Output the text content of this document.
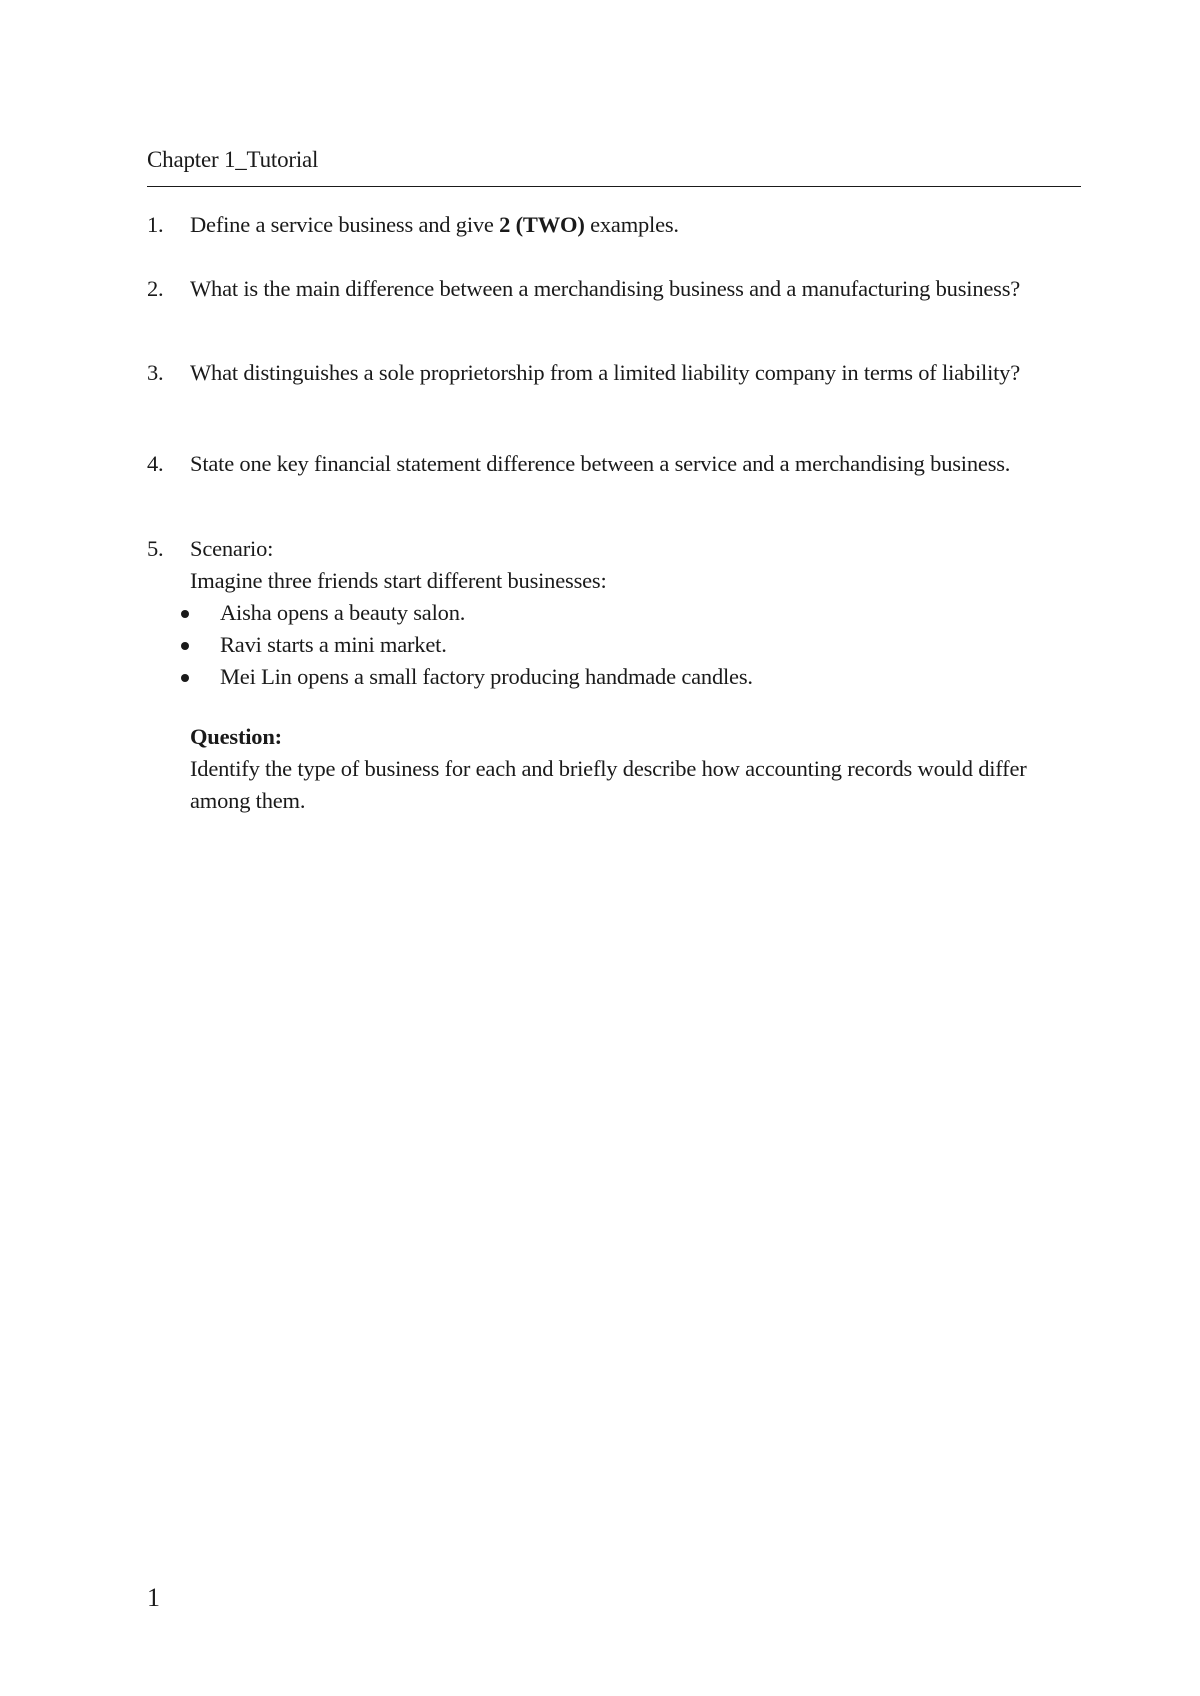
Chapter 1_Tutorial
1.	Define a service business and give 2 (TWO) examples.
2.	What is the main difference between a merchandising business and a manufacturing business?
3.	What distinguishes a sole proprietorship from a limited liability company in terms of liability?
4.	State one key financial statement difference between a service and a merchandising business.
5.	Scenario:
Imagine three friends start different businesses:
Aisha opens a beauty salon.
Ravi starts a mini market.
Mei Lin opens a small factory producing handmade candles.
Question:
Identify the type of business for each and briefly describe how accounting records would differ among them.
1
